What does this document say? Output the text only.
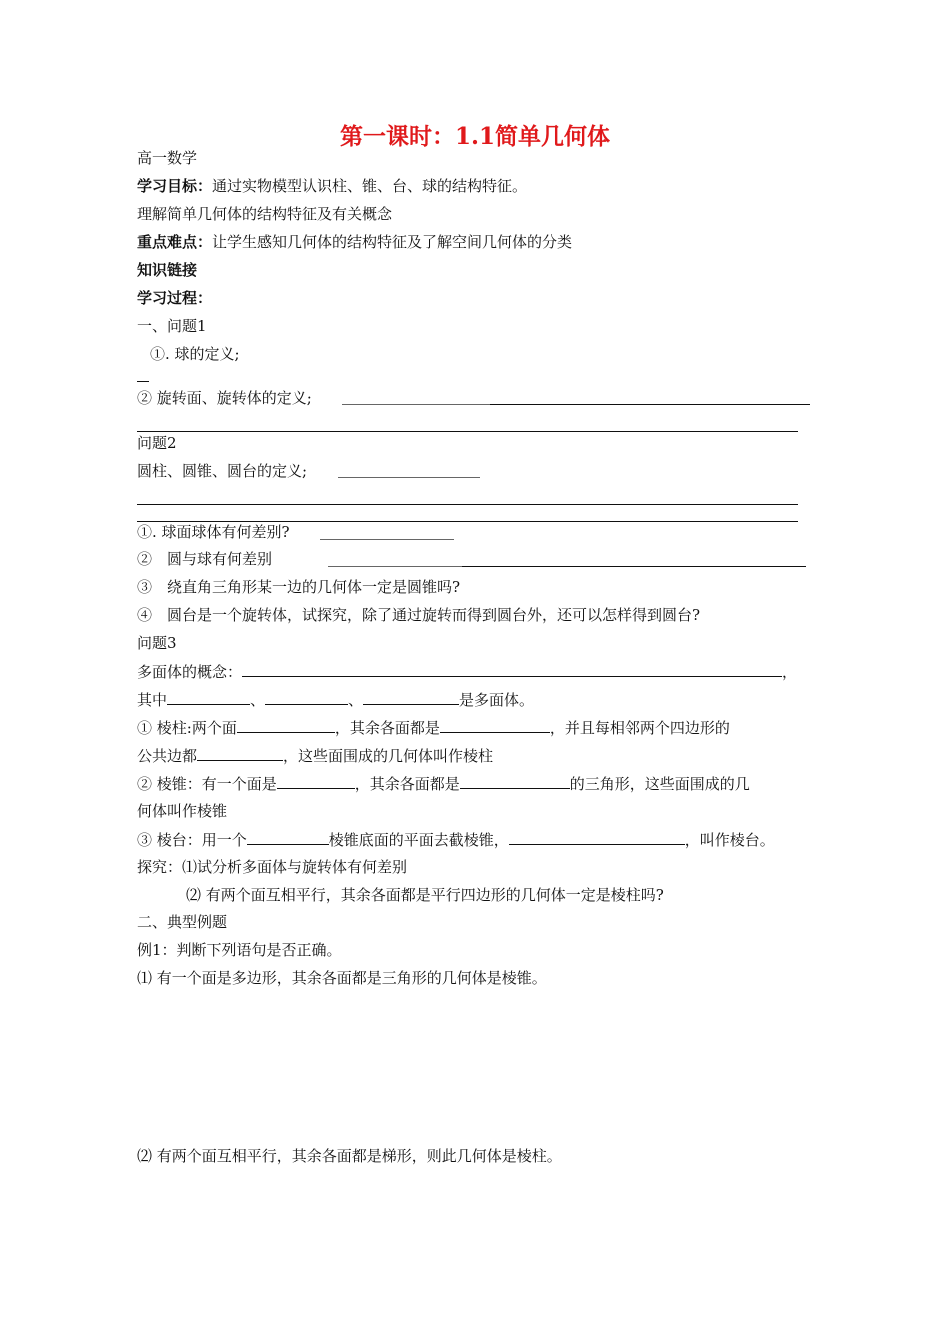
第一课时：1.1简单几何体
高一数学
学习目标：通过实物模型认识柱、锥、台、球的结构特征。
理解简单几何体的结构特征及有关概念
重点难点：让学生感知几何体的结构特征及了解空间几何体的分类
知识链接
学习过程：
一、问题1
①. 球的定义;
② 旋转面、旋转体的定义;
问题2
圆柱、圆锥、圆台的定义;
①. 球面球体有何差别?
②　圆与球有何差别
③　绕直角三角形某一边的几何体一定是圆锥吗?
④　圆台是一个旋转体，试探究，除了通过旋转而得到圆台外，还可以怎样得到圆台?
问题3
多面体的概念：	，
其中	、	、	是多面体。
① 棱柱:两个面	，其余各面都是	，并且每相邻两个四边形的
公共边都	，这些面围成的几何体叫作棱柱
② 棱锥：有一个面是	，其余各面都是	的三角形，这些面围成的几
何体叫作棱锥
③ 棱台：用一个	棱锥底面的平面去截棱锥，	，叫作棱台。
探究：⑴试分析多面体与旋转体有何差别
⑵ 有两个面互相平行，其余各面都是平行四边形的几何体一定是棱柱吗?
二、典型例题
例1：判断下列语句是否正确。
⑴ 有一个面是多边形，其余各面都是三角形的几何体是棱锥。
⑵ 有两个面互相平行，其余各面都是梯形，则此几何体是棱柱。
